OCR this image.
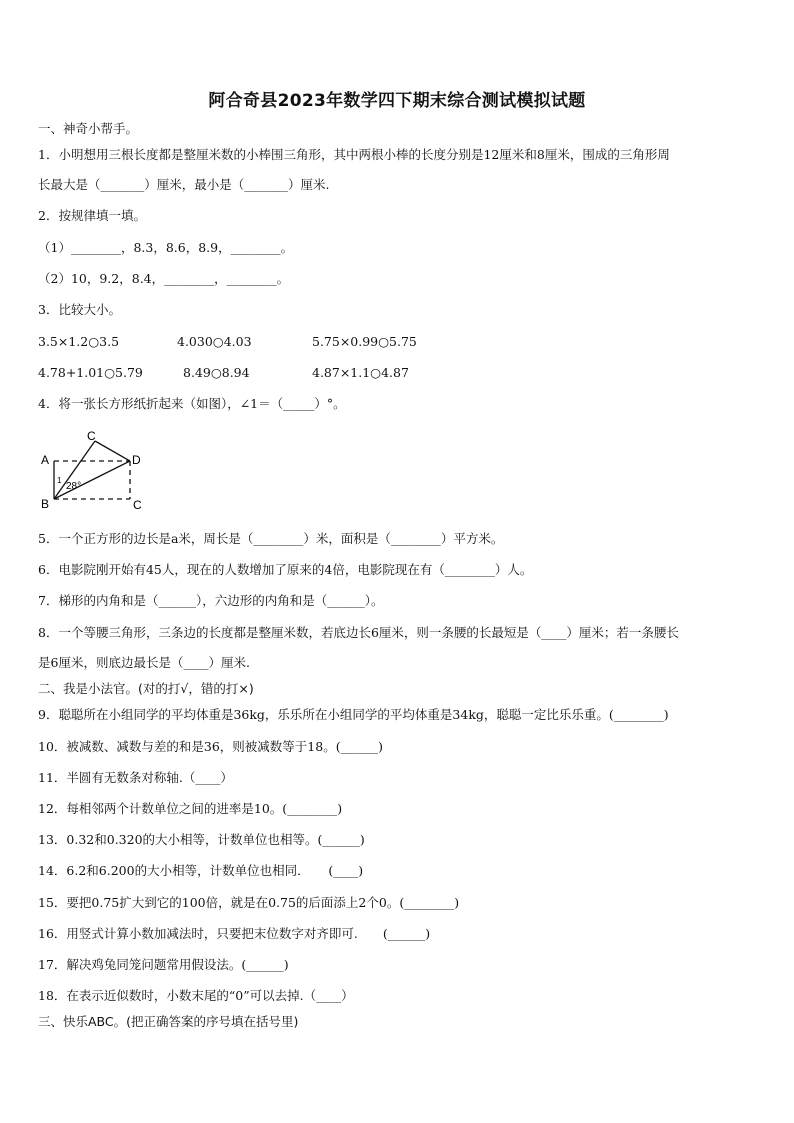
阿合奇县2023年数学四下期末综合测试模拟试题
一、神奇小帮手。
1．小明想用三根长度都是整厘米数的小棒围三角形，其中两根小棒的长度分别是12厘米和8厘米，围成的三角形周
长最大是（_______）厘米，最小是（_______）厘米.
2．按规律填一填。
（1）________，8.3，8.6，8.9，________。
（2）10，9.2，8.4，________，________。
3．比较大小。
3.5×1.2○3.5	4.030○4.03	5.75×0.99○5.75
4.78+1.01○5.79	8.49○8.94	4.87×1.1○4.87
4．将一张长方形纸折起来（如图），∠1＝（_____）°。
A
B
C
D
C
1
28°
5．一个正方形的边长是a米，周长是（________）米，面积是（________）平方米。
6．电影院刚开始有45人，现在的人数增加了原来的4倍，电影院现在有（________）人。
7．梯形的内角和是（______），六边形的内角和是（______）。
8．一个等腰三角形，三条边的长度都是整厘米数，若底边长6厘米，则一条腰的长最短是（____）厘米；若一条腰长
是6厘米，则底边最长是（____）厘米.
二、我是小法官。(对的打√，错的打×)
9．聪聪所在小组同学的平均体重是36kg，乐乐所在小组同学的平均体重是34kg，聪聪一定比乐乐重。(________)
10．被减数、减数与差的和是36，则被减数等于18。(______)
11．半圆有无数条对称轴.（____）
12．每相邻两个计数单位之间的进率是10。(________)
13．0.32和0.320的大小相等，计数单位也相等。(______)
14．6.2和6.200的大小相等，计数单位也相同．　　(____)
15．要把0.75扩大到它的100倍，就是在0.75的后面添上2个0。(________)
16．用竖式计算小数加减法时，只要把末位数字对齐即可.　　(______)
17．解决鸡兔同笼问题常用假设法。(______)
18．在表示近似数时，小数末尾的“0”可以去掉.（____）
三、快乐ABC。(把正确答案的序号填在括号里)
